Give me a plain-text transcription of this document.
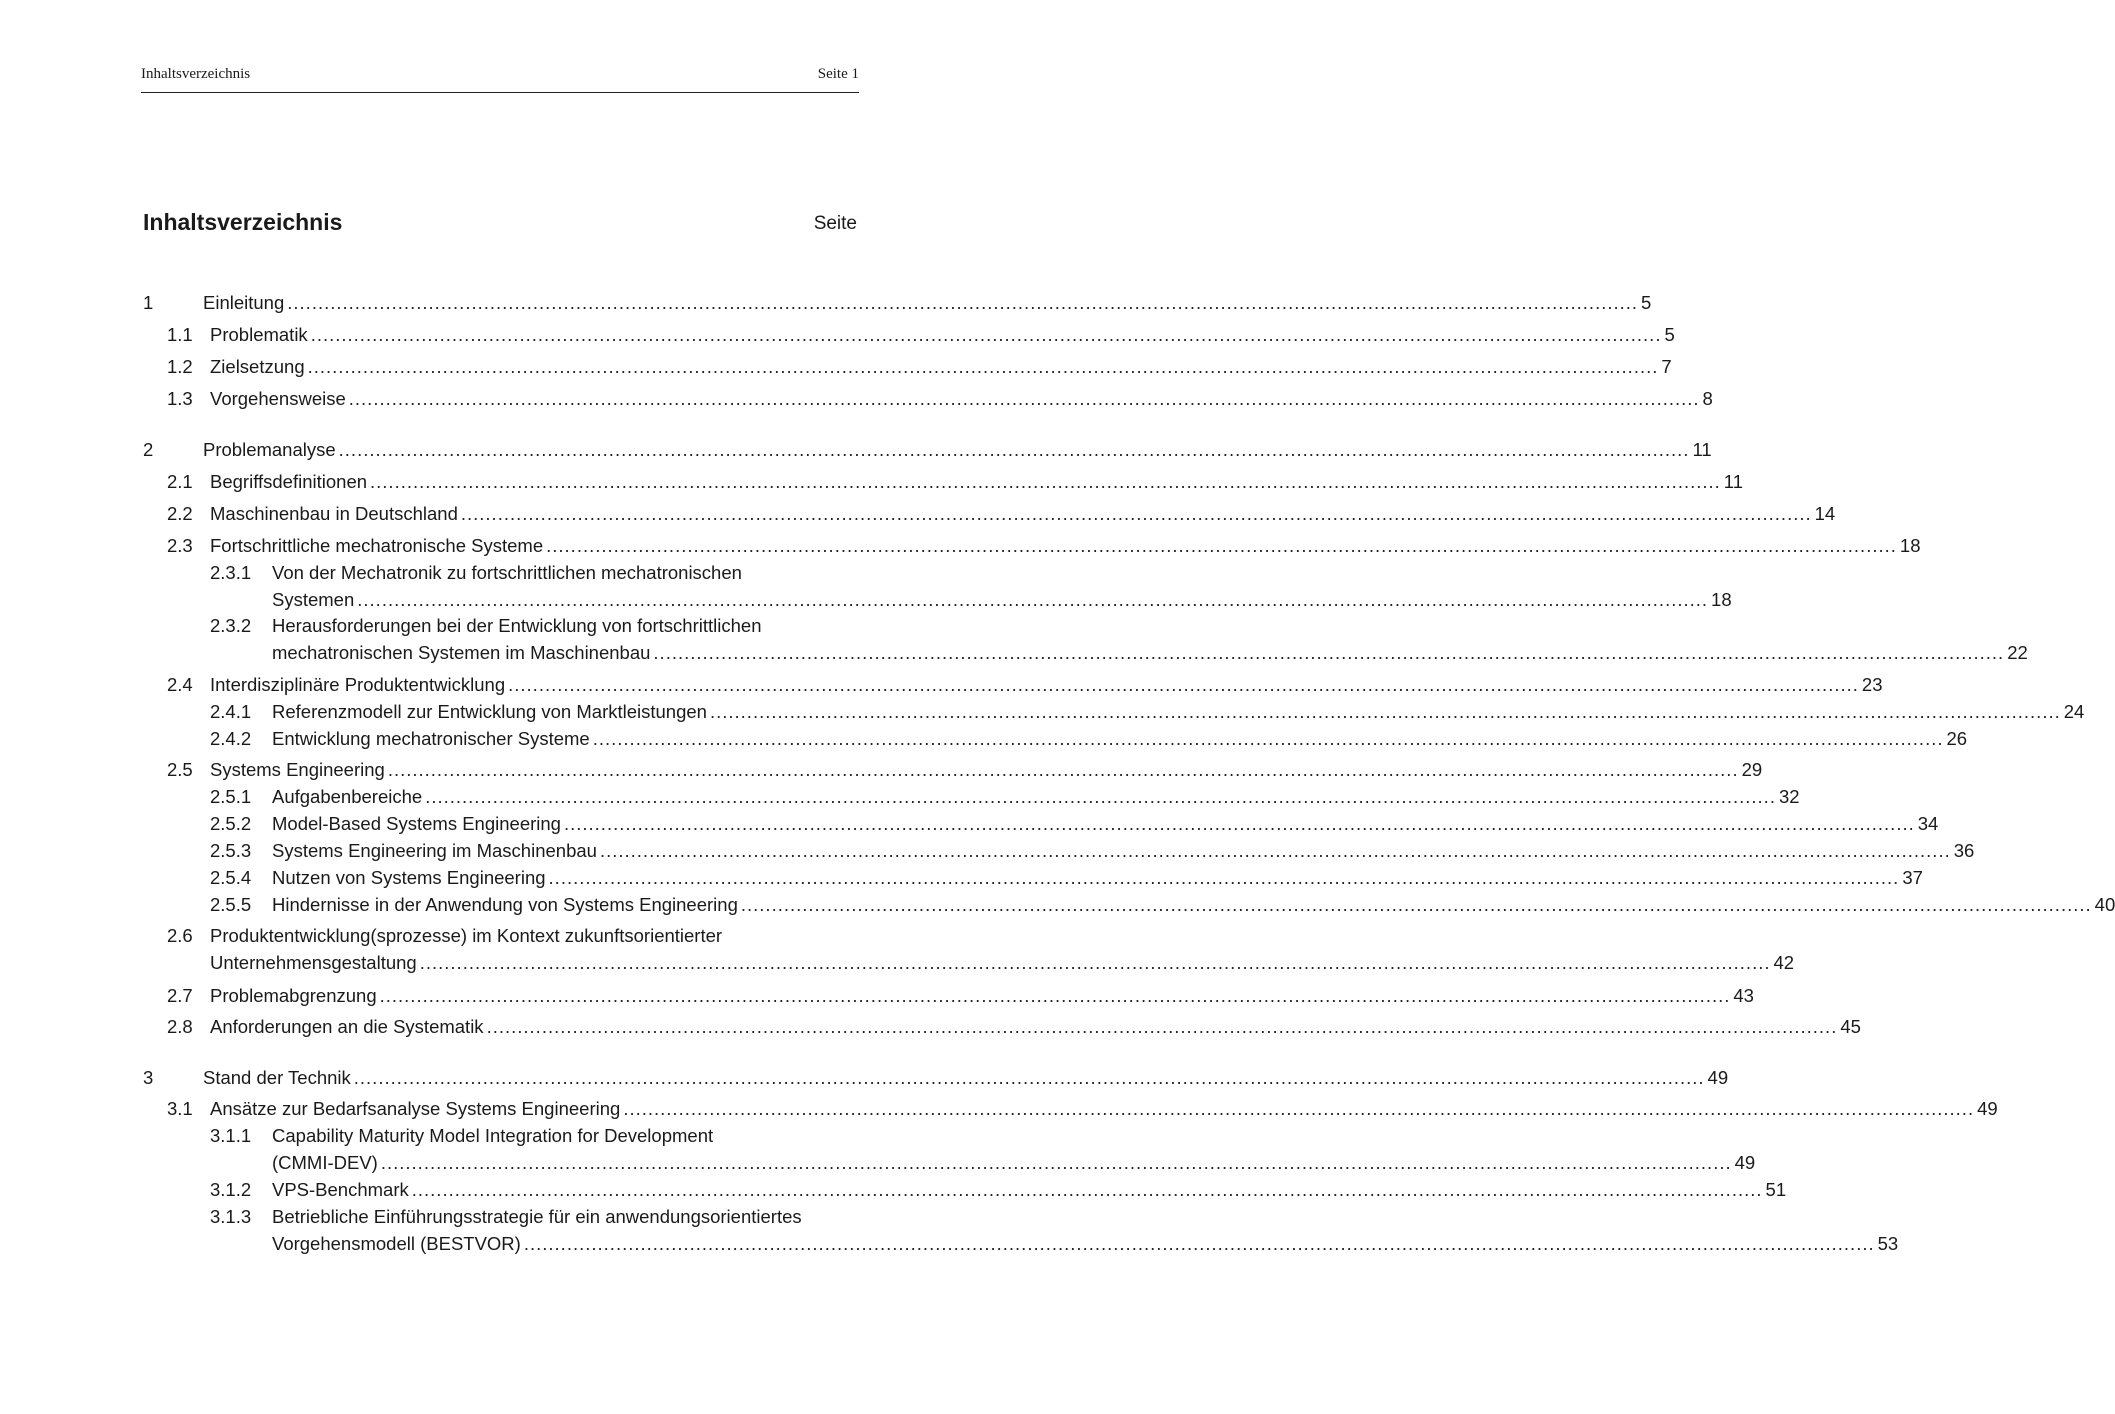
Inhaltsverzeichnis	Seite 1
Inhaltsverzeichnis	Seite
1	Einleitung ............................................................................................................................................................................................................................ 5
1.1 Problematik ............................................................................................................................................................................................................................ 5
1.2 Zielsetzung ............................................................................................................................................................................................................................ 7
1.3 Vorgehensweise ............................................................................................................................................................................................................................ 8
2	Problemanalyse ............................................................................................................................................................................................................................ 11
2.1 Begriffsdefinitionen ............................................................................................................................................................................................................................ 11
2.2 Maschinenbau in Deutschland ............................................................................................................................................................................................................................ 14
2.3 Fortschrittliche mechatronische Systeme ............................................................................................................................................................................................................................ 18
2.3.1 Von der Mechatronik zu fortschrittlichen mechatronischen
Systemen ............................................................................................................................................................................................................................ 18
2.3.2 Herausforderungen bei der Entwicklung von fortschrittlichen
mechatronischen Systemen im Maschinenbau ............................................................................................................................................................................................................................ 22
2.4 Interdisziplinäre Produktentwicklung ............................................................................................................................................................................................................................ 23
2.4.1 Referenzmodell zur Entwicklung von Marktleistungen ............................................................................................................................................................................................................................ 24
2.4.2 Entwicklung mechatronischer Systeme ............................................................................................................................................................................................................................ 26
2.5 Systems Engineering ............................................................................................................................................................................................................................ 29
2.5.1 Aufgabenbereiche ............................................................................................................................................................................................................................ 32
2.5.2 Model-Based Systems Engineering ............................................................................................................................................................................................................................ 34
2.5.3 Systems Engineering im Maschinenbau ............................................................................................................................................................................................................................ 36
2.5.4 Nutzen von Systems Engineering ............................................................................................................................................................................................................................ 37
2.5.5 Hindernisse in der Anwendung von Systems Engineering ............................................................................................................................................................................................................................ 40
2.6 Produktentwicklung(sprozesse) im Kontext zukunftsorientierter
Unternehmensgestaltung ............................................................................................................................................................................................................................ 42
2.7 Problemabgrenzung ............................................................................................................................................................................................................................ 43
2.8 Anforderungen an die Systematik ............................................................................................................................................................................................................................ 45
3	Stand der Technik ............................................................................................................................................................................................................................ 49
3.1 Ansätze zur Bedarfsanalyse Systems Engineering ............................................................................................................................................................................................................................ 49
3.1.1 Capability Maturity Model Integration for Development
(CMMI-DEV) ............................................................................................................................................................................................................................ 49
3.1.2 VPS-Benchmark ............................................................................................................................................................................................................................ 51
3.1.3 Betriebliche Einführungsstrategie für ein anwendungsorientiertes
Vorgehensmodell (BESTVOR) ............................................................................................................................................................................................................................ 53
